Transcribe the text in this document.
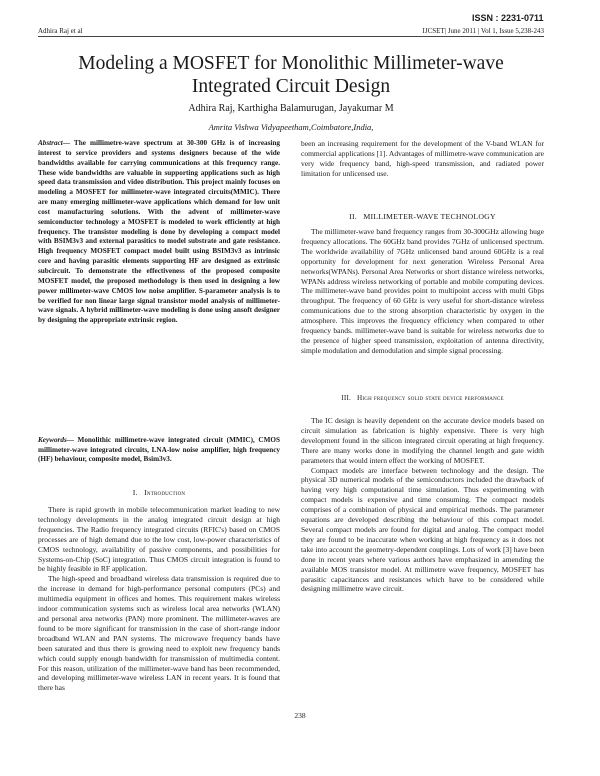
ISSN : 2231-0711
Adhira Raj et al	IJCSET| June 2011 | Vol 1, Issue 5,238-243
Modeling a MOSFET for Monolithic Millimeter-wave Integrated Circuit Design
Adhira Raj, Karthigha Balamurugan, Jayakumar M
Amrita Vishwa Vidyapeetham,Coimbatore,India,
Abstract— The millimetre-wave spectrum at 30-300 GHz is of increasing interest to service providers and systems designers because of the wide bandwidths available for carrying communications at this frequency range. These wide bandwidths are valuable in supporting applications such as high speed data transmission and video distribution. This project mainly focuses on modeling a MOSFET for millimeter-wave integrated circuits(MMIC). There are many emerging millimeter-wave applications which demand for low unit cost manufacturing solutions. With the advent of millimeter-wave semiconductor technology a MOSFET is modeled to work efficiently at high frequency. The transistor modeling is done by developing a compact model with BSIM3v3 and external parasitics to model substrate and gate resistance. High frequency MOSFET compact model built using BSIM3v3 as intrinsic core and having parasitic elements supporting HF are designed as extrinsic subcircuit. To demonstrate the effectiveness of the proposed composite MOSFET model, the proposed methodology is then used in designing a low power millimeter-wave CMOS low noise amplifier. S-parameter analysis is to be verified for non linear large signal transistor model analysis of millimeter-wave signals. A hybrid millimeter-wave modeling is done using ansoft designer by designing the appropriate extrinsic region.
Keywords— Monolithic millimetre-wave integrated circuit (MMIC), CMOS millimeter-wave integrated circuits, LNA-low noise amplifier, high frequency (HF) behaviour, composite model, Bsim3v3.
I. Introduction

There is rapid growth in mobile telecommunication market leading to new technology developments in the analog integrated circuit design at high frequencies. The Radio frequency integrated circuits (RFIC's) based on CMOS processes are of high demand due to the low cost, low-power characteristics of CMOS technology, availability of passive components, and possibilities for Systems-on-Chip (SoC) integration. Thus CMOS circuit integration is found to be highly feasible in RF application.

The high-speed and broadband wireless data transmission is required due to the increase in demand for high-performance personal computers (PCs) and multimedia equipment in offices and homes. This requirement makes wireless indoor communication systems such as wireless local area networks (WLAN) and personal area networks (PAN) more prominent. The millimeter-waves are found to be more significant for transmission in the case of short-range indoor broadband WLAN and PAN systems. The microwave frequency bands have been saturated and thus there is growing need to exploit new frequency bands which could supply enough bandwidth for transmission of multimedia content. For this reason, utilization of the millimeter-wave band has been recommended, and developing millimeter-wave wireless LAN in recent years. It is found that there has

been an increasing requirement for the development of the V-band WLAN for commercial applications [1]. Advantages of millimetre-wave communication are very wide frequency band, high-speed transmission, and radiated power limitation for unlicensed use.

II. MILLIMETER-WAVE TECHNOLOGY

The millimeter-wave band frequency ranges from 30-300GHz allowing huge frequency allocations. The 60GHz band provides 7GHz of unlicensed spectrum. The worldwide availability of 7GHz unlicensed band around 60GHz is a real opportunity for development for next generation Wireless Personal Area networks(WPANs). Personal Area Networks or short distance wireless networks, WPANs address wireless networking of portable and mobile computing devices. The millimeter-wave band provides point to multipoint access with multi Gbps throughput. The frequency of 60 GHz is very useful for short-distance wireless communications due to the strong absorption characteristic by oxygen in the atmosphere. This improves the frequency efficiency when compared to other frequency bands. millimeter-wave band is suitable for wireless networks due to the presence of higher speed transmission, exploitation of antenna directivity, simple modulation and demodulation and simple signal processing.

III. High frequency solid state device performance

The IC design is heavily dependent on the accurate device models based on circuit simulation as fabrication is highly expensive. There is very high development found in the silicon integrated circuit operating at high frequency. There are many works done in modifying the channel length and gate width parameters that would intern effect the working of MOSFET.

Compact models are interface between technology and the design. The physical 3D numerical models of the semiconductors included the drawback of having very high computational time simulation. Thus experimenting with compact models is expensive and time consuming. The compact models comprises of a combination of physical and empirical methods. The parameter equations are developed describing the behaviour of this compact model. Several compact models are found for digital and analog. The compact model they are found to be inaccurate when working at high frequency as it does not take into account the geometry-dependent couplings. Lots of work [3] have been done in recent years where various authors have emphasized in amending the available MOS transistor model. At millimetre wave frequency, MOSFET has parasitic capacitances and resistances which have to be considered while designing millimetre wave circuit.

238
